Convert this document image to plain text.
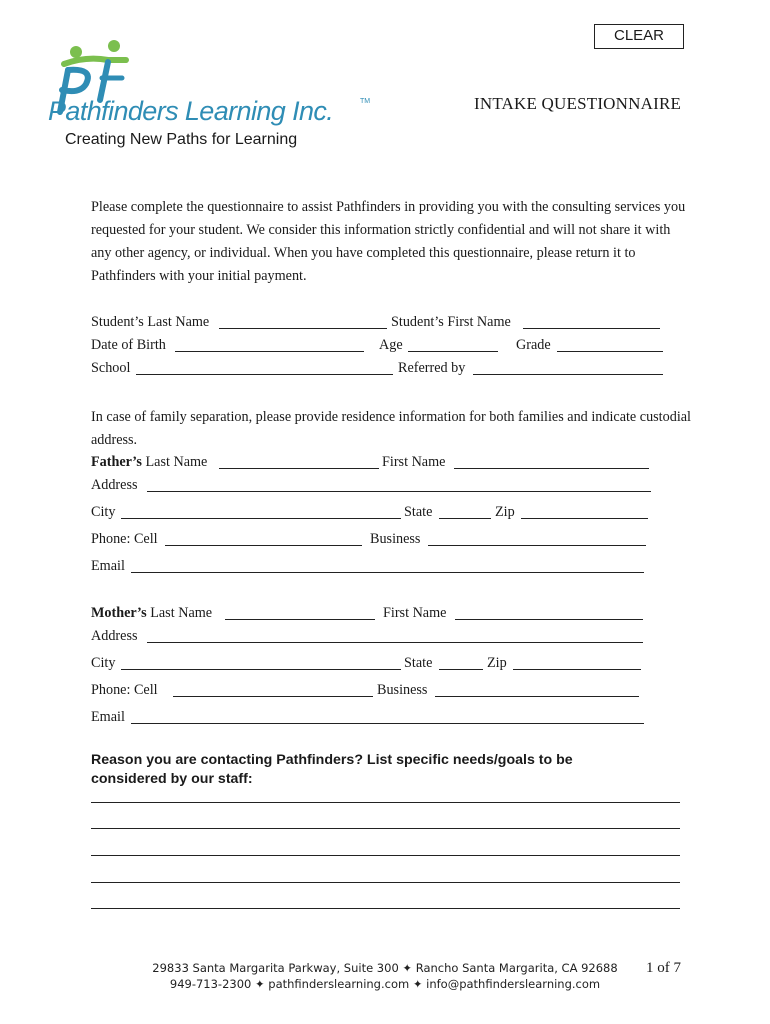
CLEAR
Pathfinders Learning Inc.	TM
Creating New Paths for Learning
INTAKE QUESTIONNAIRE
Please complete the questionnaire to assist Pathfinders in providing you with the consulting services you requested for your student. We consider this information strictly confidential and will not share it with any other agency, or individual. When you have completed this questionnaire, please return it to Pathfinders with your initial payment.
Student’s Last Name	Student’s First Name
Date of Birth	Age	Grade
School	Referred by
In case of family separation, please provide residence information for both families and indicate custodial address.
Father’s Last Name	First Name
Address
City	State	Zip
Phone: Cell	Business
Email
Mother’s Last Name	First Name
Address
City	State	Zip
Phone: Cell	Business
Email
Reason you are contacting Pathfinders? List specific needs/goals to be considered by our staff:
29833 Santa Margarita Parkway, Suite 300 ✦ Rancho Santa Margarita, CA 92688
949-713-2300 ✦ pathfinderslearning.com ✦ info@pathfinderslearning.com
1 of 7
